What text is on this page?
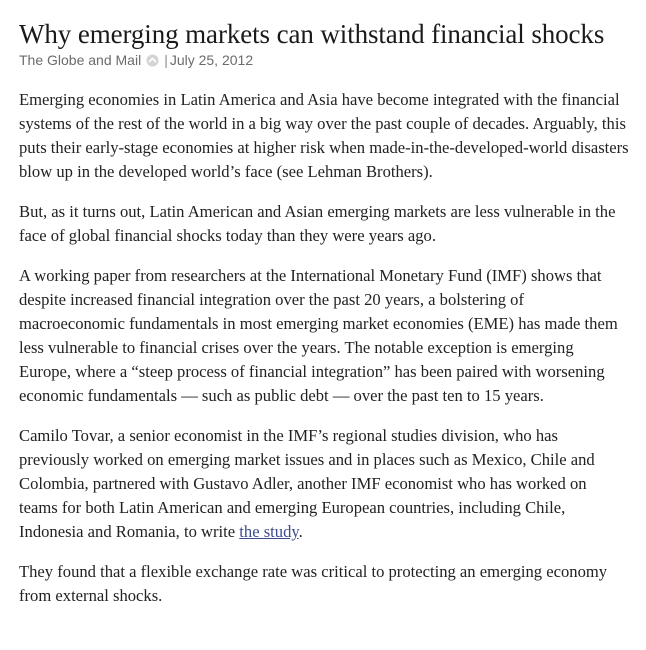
Why emerging markets can withstand financial shocks
The Globe and Mail | July 25, 2012

Emerging economies in Latin America and Asia have become integrated with the financial systems of the rest of the world in a big way over the past couple of decades. Arguably, this puts their early-stage economies at higher risk when made-in-the-developed-world disasters blow up in the developed world’s face (see Lehman Brothers).

But, as it turns out, Latin American and Asian emerging markets are less vulnerable in the face of global financial shocks today than they were years ago.

A working paper from researchers at the International Monetary Fund (IMF) shows that despite increased financial integration over the past 20 years, a bolstering of macroeconomic fundamentals in most emerging market economies (EME) has made them less vulnerable to financial crises over the years. The notable exception is emerging Europe, where a “steep process of financial integration” has been paired with worsening economic fundamentals — such as public debt — over the past ten to 15 years.

Camilo Tovar, a senior economist in the IMF’s regional studies division, who has previously worked on emerging market issues and in places such as Mexico, Chile and Colombia, partnered with Gustavo Adler, another IMF economist who has worked on teams for both Latin American and emerging European countries, including Chile, Indonesia and Romania, to write the study.

They found that a flexible exchange rate was critical to protecting an emerging economy from external shocks.
